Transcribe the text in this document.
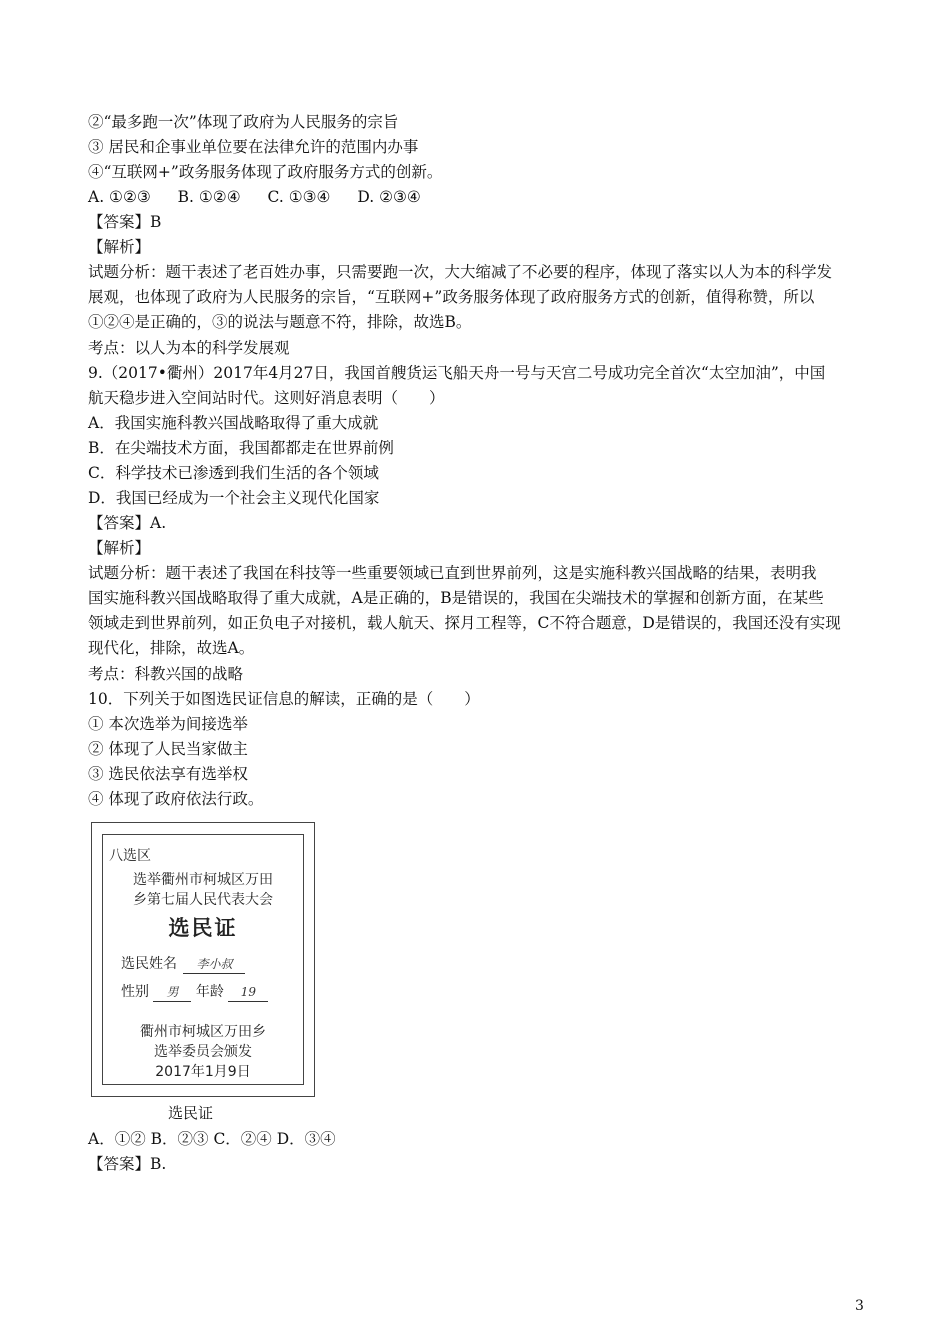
②“最多跑一次”体现了政府为人民服务的宗旨
③ 居民和企事业单位要在法律允许的范围内办事
④“互联网+”政务服务体现了政府服务方式的创新。
A. ①②③ B. ①②④ C. ①③④ D. ②③④
【答案】B
【解析】
试题分析：题干表述了老百姓办事，只需要跑一次，大大缩减了不必要的程序，体现了落实以人为本的科学发
展观，也体现了政府为人民服务的宗旨，“互联网+”政务服务体现了政府服务方式的创新，值得称赞，所以
①②④是正确的，③的说法与题意不符，排除，故选B。
考点：以人为本的科学发展观
9.（2017•衢州）2017年4月27日，我国首艘货运飞船天舟一号与天宫二号成功完全首次“太空加油”，中国
航天稳步进入空间站时代。这则好消息表明（　　）
A．我国实施科教兴国战略取得了重大成就
B．在尖端技术方面，我国都都走在世界前例
C．科学技术已渗透到我们生活的各个领域
D．我国已经成为一个社会主义现代化国家
【答案】A.
【解析】
试题分析：题干表述了我国在科技等一些重要领域已直到世界前列，这是实施科教兴国战略的结果，表明我
国实施科教兴国战略取得了重大成就，A是正确的，B是错误的，我国在尖端技术的掌握和创新方面，在某些
领域走到世界前列，如正负电子对接机，载人航天、探月工程等，C不符合题意，D是错误的，我国还没有实现
现代化，排除，故选A。
考点：科教兴国的战略
10．下列关于如图选民证信息的解读，正确的是（　　）
① 本次选举为间接选举
② 体现了人民当家做主
③ 选民依法享有选举权
④ 体现了政府依法行政。
八选区
选举衢州市柯城区万田
乡第七届人民代表大会
选民证
选民姓名 李小叔
性别 男 年龄 19
衢州市柯城区万田乡
选举委员会颁发
2017年1月9日
选民证
A．①② B．②③ C．②④ D．③④
【答案】B.
3
